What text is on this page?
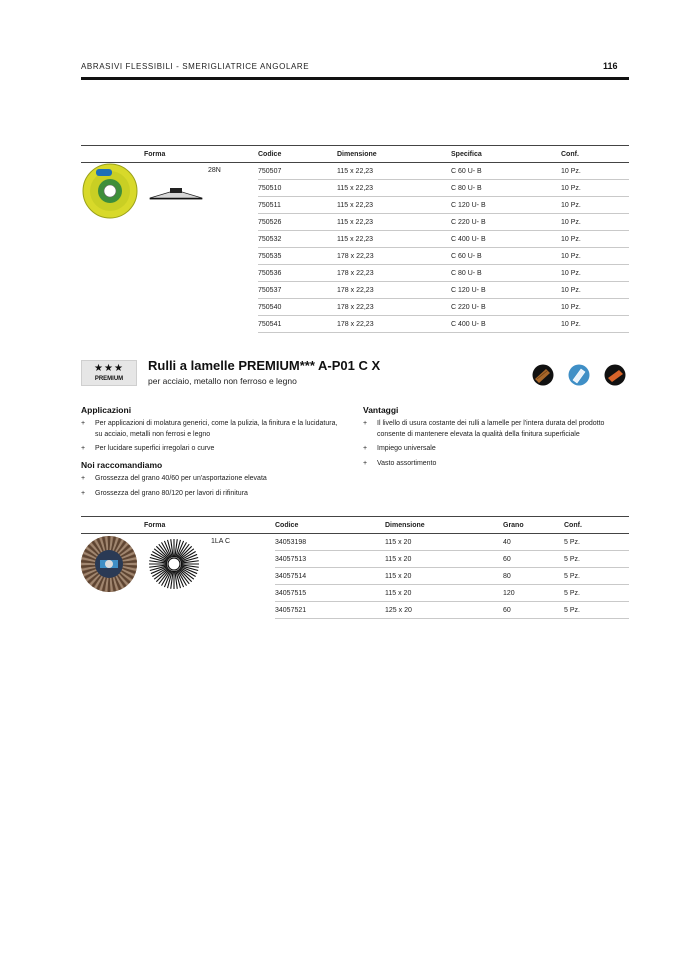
ABRASIVI FLESSIBILI - SMERIGLIATRICE ANGOLARE	116
Forma	Codice	Dimensione	Specifica	Conf.
	750507	115 x 22,23	C 60 U- B	10 Pz.
	750510	115 x 22,23	C 80 U- B	10 Pz.
	750511	115 x 22,23	C 120 U- B	10 Pz.
	750526	115 x 22,23	C 220 U- B	10 Pz.
	750532	115 x 22,23	C 400 U- B	10 Pz.
	750535	178 x 22,23	C 60 U- B	10 Pz.
	750536	178 x 22,23	C 80 U- B	10 Pz.
	750537	178 x 22,23	C 120 U- B	10 Pz.
	750540	178 x 22,23	C 220 U- B	10 Pz.
	750541	178 x 22,23	C 400 U- B	10 Pz.
28N
★★★
PREMIUM
Rulli a lamelle PREMIUM*** A-P01 C X
per acciaio, metallo non ferroso e legno
Applicazioni
+ Per applicazioni di molatura generici, come la pulizia, la finitura e la lucidatura, su acciaio, metalli non ferrosi e legno
+ Per lucidare superfici irregolari o curve
Noi raccomandiamo
+ Grossezza del grano 40/60 per un'asportazione elevata
+ Grossezza del grano 80/120 per lavori di rifinitura
Vantaggi
+ Il livello di usura costante dei rulli a lamelle per l'intera durata del prodotto consente di mantenere elevata la qualità della finitura superficiale
+ Impiego universale
+ Vasto assortimento
Forma	Codice	Dimensione	Grano	Conf.
	34053198	115 x 20	40	5 Pz.
	34057513	115 x 20	60	5 Pz.
	34057514	115 x 20	80	5 Pz.
	34057515	115 x 20	120	5 Pz.
	34057521	125 x 20	60	5 Pz.
1LA C
